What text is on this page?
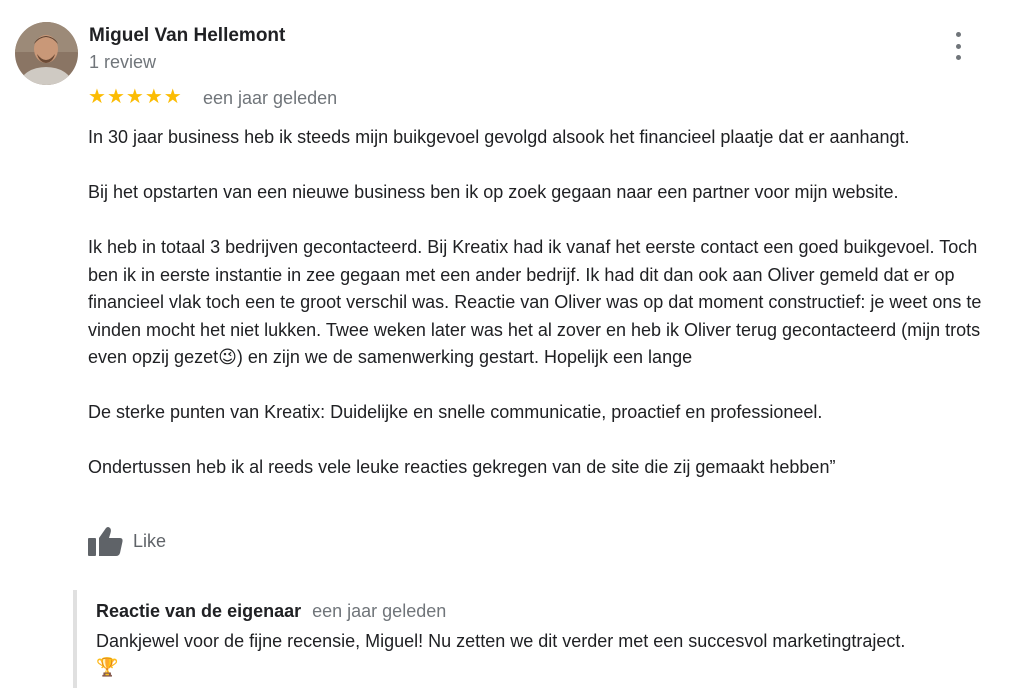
Miguel Van Hellemont
1 review
★ ★ ★ ★ ★ een jaar geleden

In 30 jaar business heb ik steeds mijn buikgevoel gevolgd alsook het financieel plaatje dat er aanhangt.

Bij het opstarten van een nieuwe business ben ik op zoek gegaan naar een partner voor mijn website.

Ik heb in totaal 3 bedrijven gecontacteerd. Bij Kreatix had ik vanaf het eerste contact een goed buikgevoel. Toch ben ik in eerste instantie in zee gegaan met een ander bedrijf. Ik had dit dan ook aan Oliver gemeld dat er op financieel vlak toch een te groot verschil was. Reactie van Oliver was op dat moment constructief: je weet ons te vinden mocht het niet lukken. Twee weken later was het al zover en heb ik Oliver terug gecontacteerd (mijn trots even opzij gezet😉) en zijn we de samenwerking gestart. Hopelijk een lange

De sterke punten van Kreatix: Duidelijke en snelle communicatie, proactief en professioneel.

Ondertussen heb ik al reeds vele leuke reacties gekregen van de site die zij gemaakt hebben”

Like
Reactie van de eigenaar een jaar geleden
Dankjewel voor de fijne recensie, Miguel! Nu zetten we dit verder met een succesvol marketingtraject.
🏆
